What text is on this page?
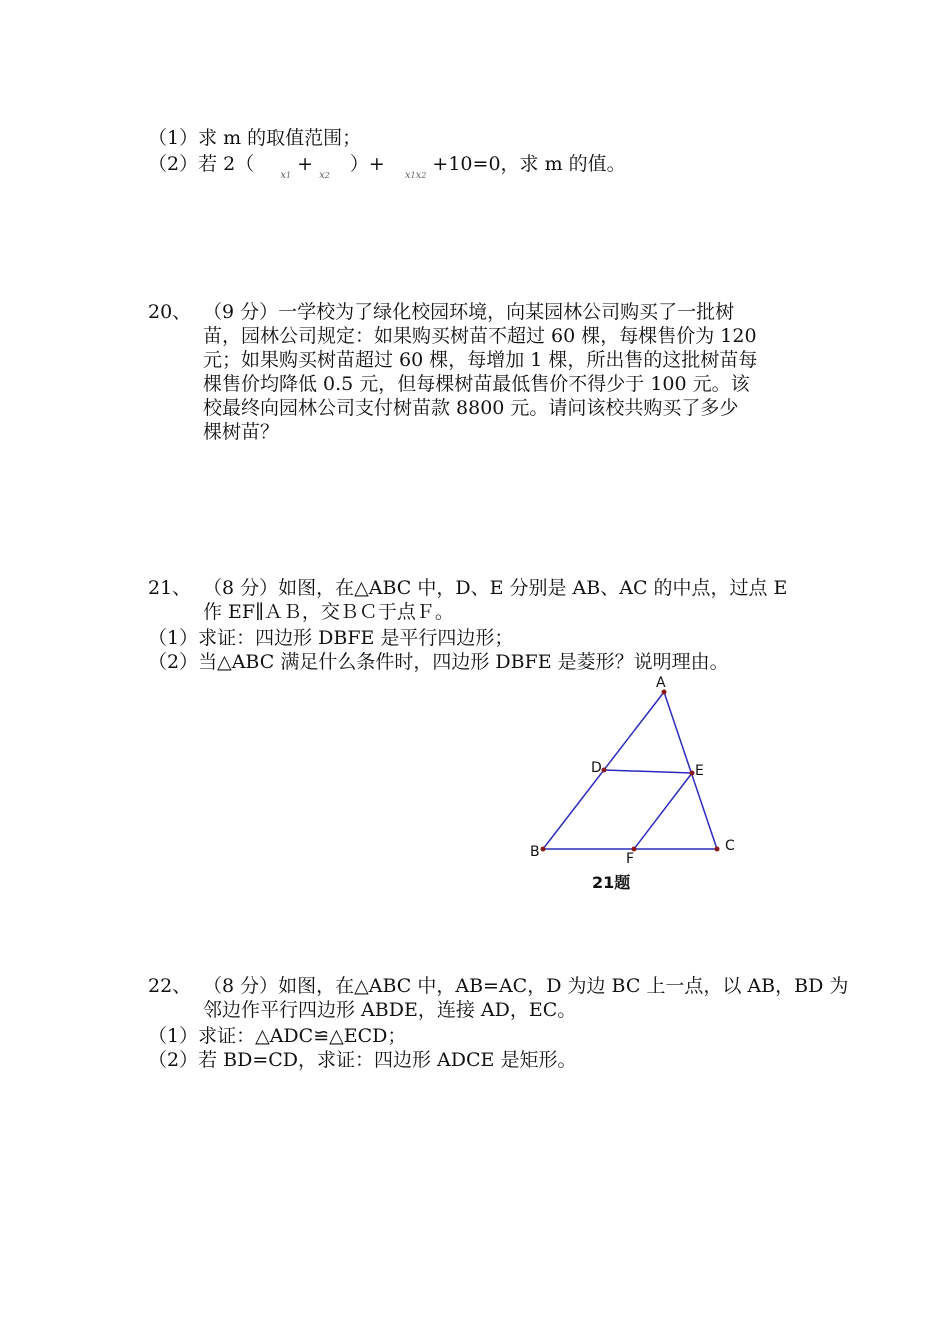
（1）求 m 的取值范围；
（2）若 2（  x1 + x2  ）+  x1x2 +10=0，求 m 的值。
20、 （9 分）一学校为了绿化校园环境，向某园林公司购买了一批树
苗，园林公司规定：如果购买树苗不超过 60 棵，每棵售价为 120
元；如果购买树苗超过 60 棵，每增加 1 棵，所出售的这批树苗每
棵售价均降低 0.5 元，但每棵树苗最低售价不得少于 100 元。该
校最终向园林公司支付树苗款 8800 元。请问该校共购买了多少
棵树苗？
21、 （8 分）如图，在△ABC 中，D、E 分别是 AB、AC 的中点，过点 E
作 EF∥ＡＢ，交ＢＣ于点Ｆ。
（1）求证：四边形 DBFE 是平行四边形；
（2）当△ABC 满足什么条件时，四边形 DBFE 是菱形？说明理由。
A
B	C
D	E
F
21题
22、 （8 分）如图，在△ABC 中，AB=AC，D 为边 BC 上一点，以 AB，BD 为
邻边作平行四边形 ABDE，连接 AD，EC。
（1）求证：△ADC≌△ECD；
（2）若 BD=CD，求证：四边形 ADCE 是矩形。
